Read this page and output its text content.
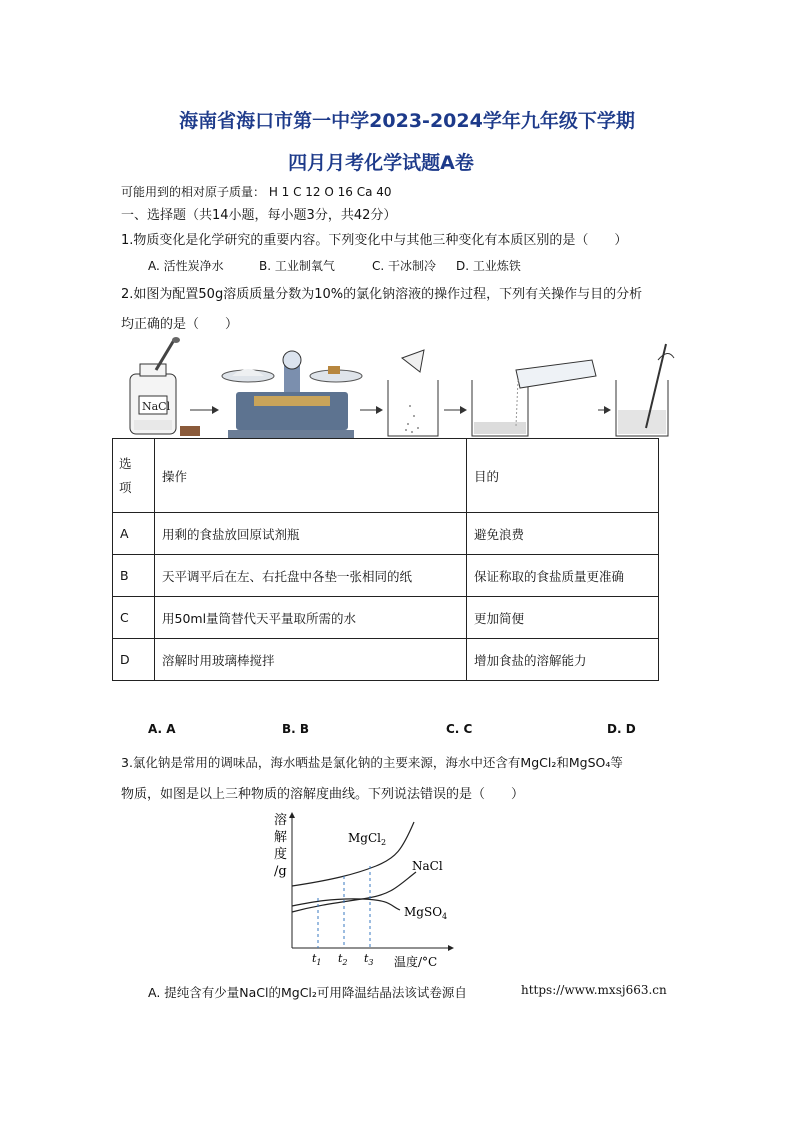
海南省海口市第一中学2023-2024学年九年级下学期
四月月考化学试题A卷
可能用到的相对原子质量： H 1 C 12 O 16 Ca 40
一、选择题（共14小题，每小题3分，共42分）
1.物质变化是化学研究的重要内容。下列变化中与其他三种变化有本质区别的是（　　）
A. 活性炭净水	B. 工业制氧气	C. 干冰制冷 D. 工业炼铁
2.如图为配置50g溶质质量分数为10%的氯化钠溶液的操作过程，下列有关操作与目的分析
均正确的是（　　）
NaCl
选
项	操作	目的
A	用剩的食盐放回原试剂瓶	避免浪费
B	天平调平后在左、右托盘中各垫一张相同的纸	保证称取的食盐质量更准确
C	用50ml量筒替代天平量取所需的水	更加简便
D	溶解时用玻璃棒搅拌	增加食盐的溶解能力
A. A	B. B	C. C	D. D
3.氯化钠是常用的调味品，海水晒盐是氯化钠的主要来源，海水中还含有MgCl₂和MgSO₄等
物质，如图是以上三种物质的溶解度曲线。下列说法错误的是（　　）
溶
解
度
/g
MgCl$_2$
NaCl
MgSO$_4$
$t_1$ $t_2$ $t_3$ 温度/°C
A. 提纯含有少量NaCl的MgCl₂可用降温结晶法该试卷源自	https://www.mxsj663.cn
